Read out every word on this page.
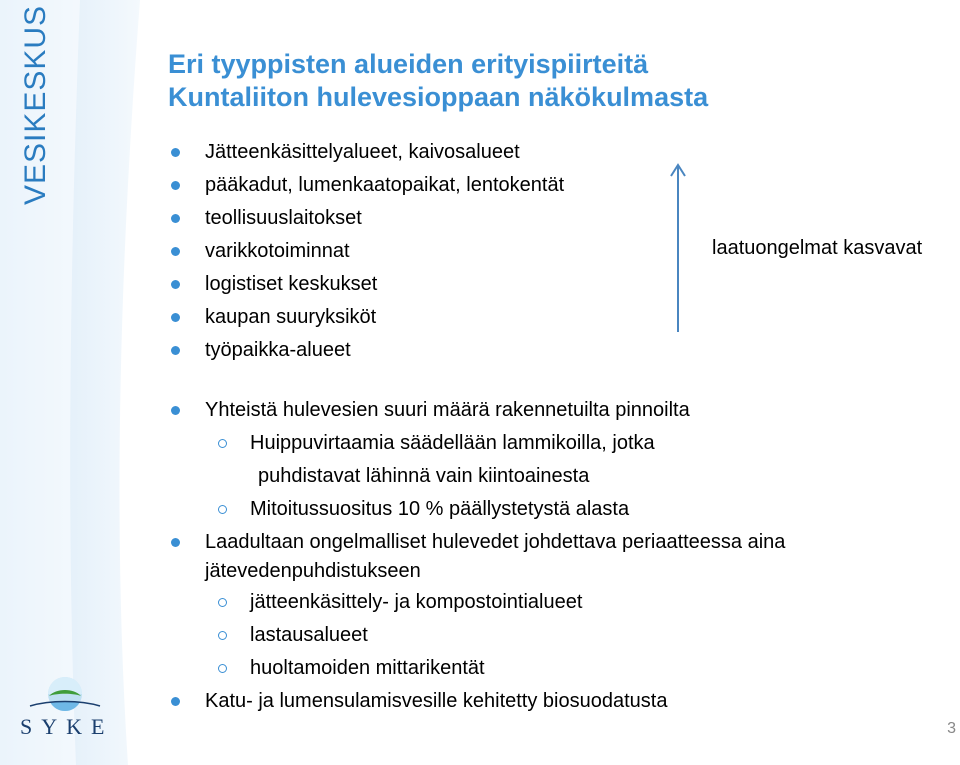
VESIKESKUS
SYKE
Eri tyyppisten alueiden erityispiirteitä
Kuntaliiton hulevesioppaan näkökulmasta
Jätteenkäsittelyalueet, kaivosalueet
pääkadut, lumenkaatopaikat, lentokentät
teollisuuslaitokset
varikkotoiminnat
logistiset keskukset
kaupan suuryksiköt
työpaikka-alueet
laatuongelmat kasvavat
Yhteistä hulevesien suuri määrä rakennetuilta pinnoilta
Huippuvirtaamia säädellään lammikoilla, jotka
puhdistavat lähinnä vain kiintoainesta
Mitoitussuositus 10 % päällystetystä alasta
Laadultaan ongelmalliset hulevedet johdettava periaatteessa aina
jätevedenpuhdistukseen
jätteenkäsittely- ja kompostointialueet
lastausalueet
huoltamoiden mittarikentät
Katu- ja lumensulamisvesille kehitetty biosuodatusta
3
